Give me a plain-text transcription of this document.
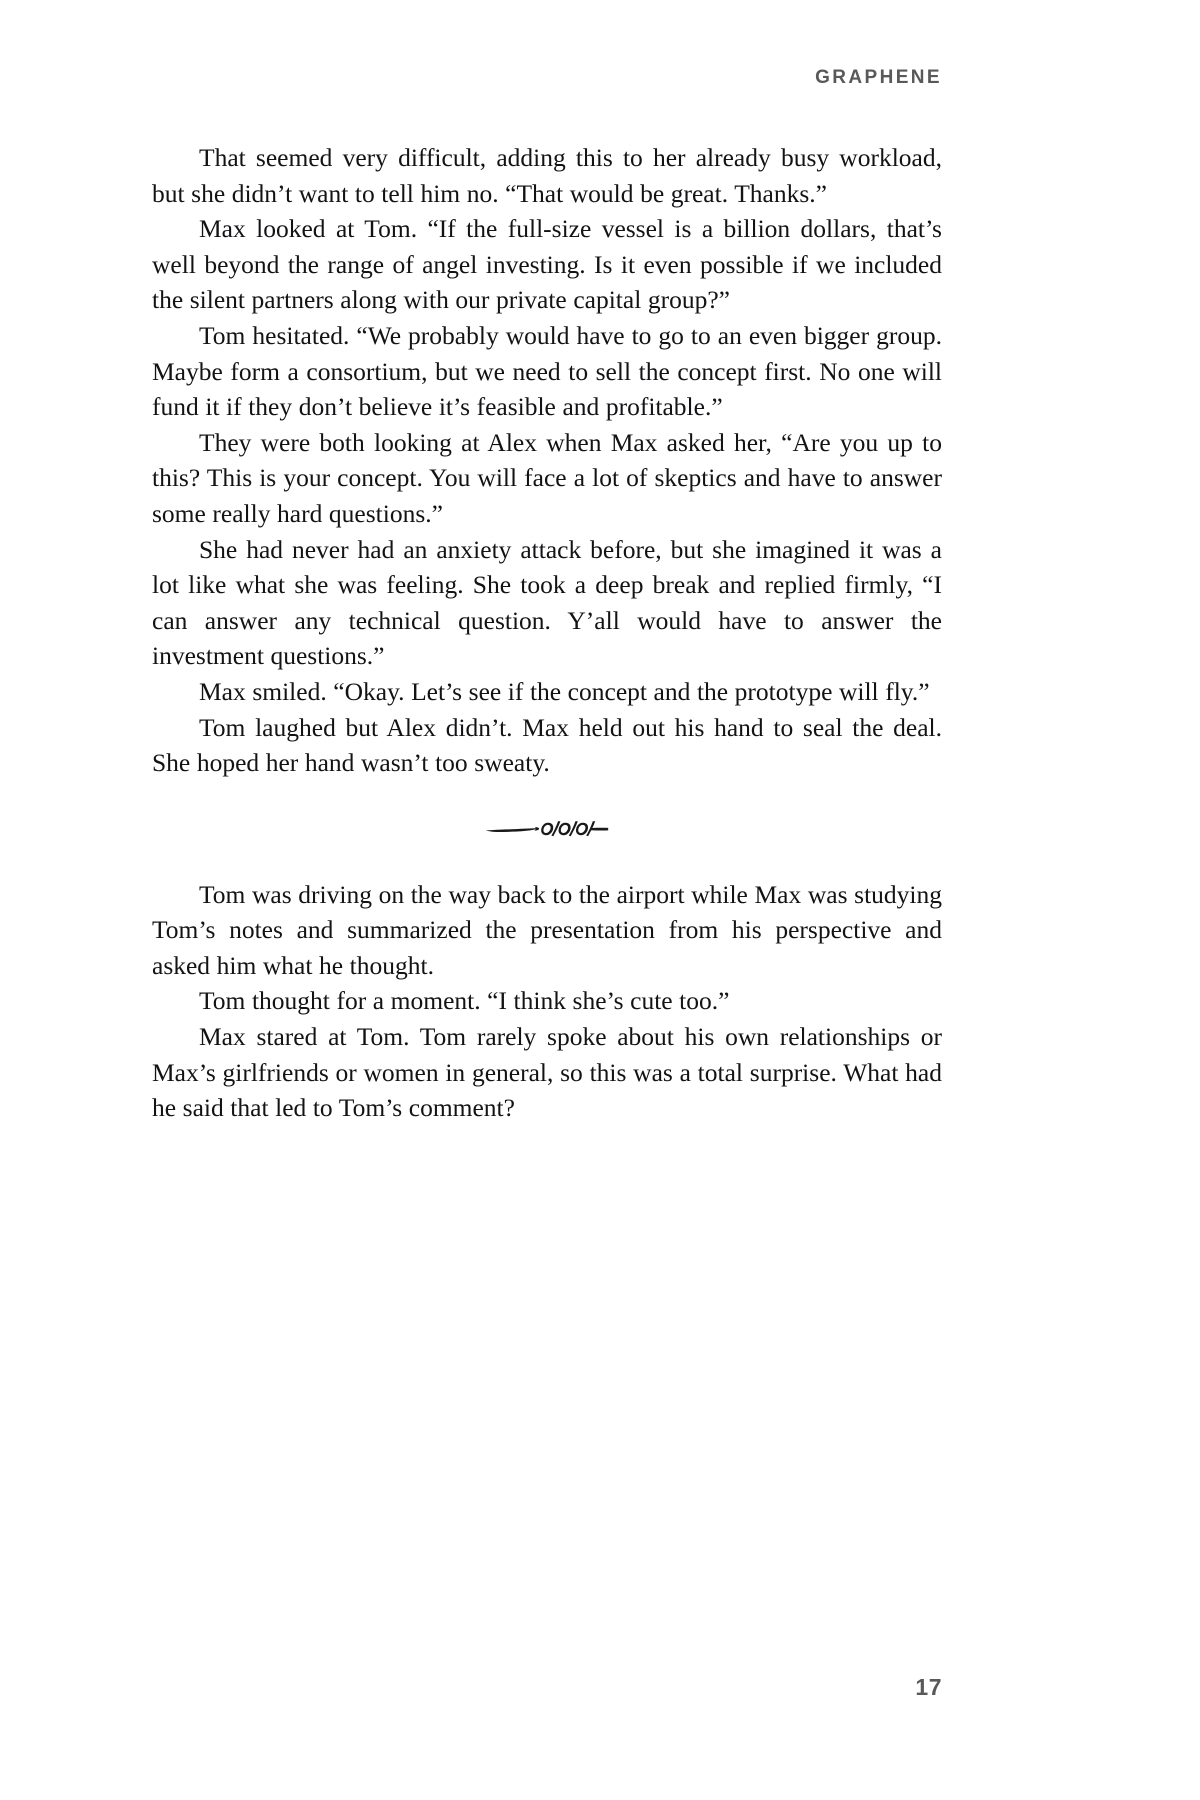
GRAPHENE

That seemed very difficult, adding this to her already busy workload, but she didn’t want to tell him no. “That would be great. Thanks.”

Max looked at Tom. “If the full-size vessel is a billion dollars, that’s well beyond the range of angel investing. Is it even possible if we included the silent partners along with our private capital group?”

Tom hesitated. “We probably would have to go to an even bigger group. Maybe form a consortium, but we need to sell the concept first. No one will fund it if they don’t believe it’s feasible and profitable.”

They were both looking at Alex when Max asked her, “Are you up to this? This is your concept. You will face a lot of skeptics and have to answer some really hard questions.”

She had never had an anxiety attack before, but she imagined it was a lot like what she was feeling. She took a deep break and replied firmly, “I can answer any technical question. Y’all would have to answer the investment questions.”

Max smiled. “Okay. Let’s see if the concept and the prototype will fly.”

Tom laughed but Alex didn’t. Max held out his hand to seal the deal. She hoped her hand wasn’t too sweaty.

Tom was driving on the way back to the airport while Max was studying Tom’s notes and summarized the presentation from his perspective and asked him what he thought.

Tom thought for a moment. “I think she’s cute too.”

Max stared at Tom. Tom rarely spoke about his own relationships or Max’s girlfriends or women in general, so this was a total surprise. What had he said that led to Tom’s comment?

17
